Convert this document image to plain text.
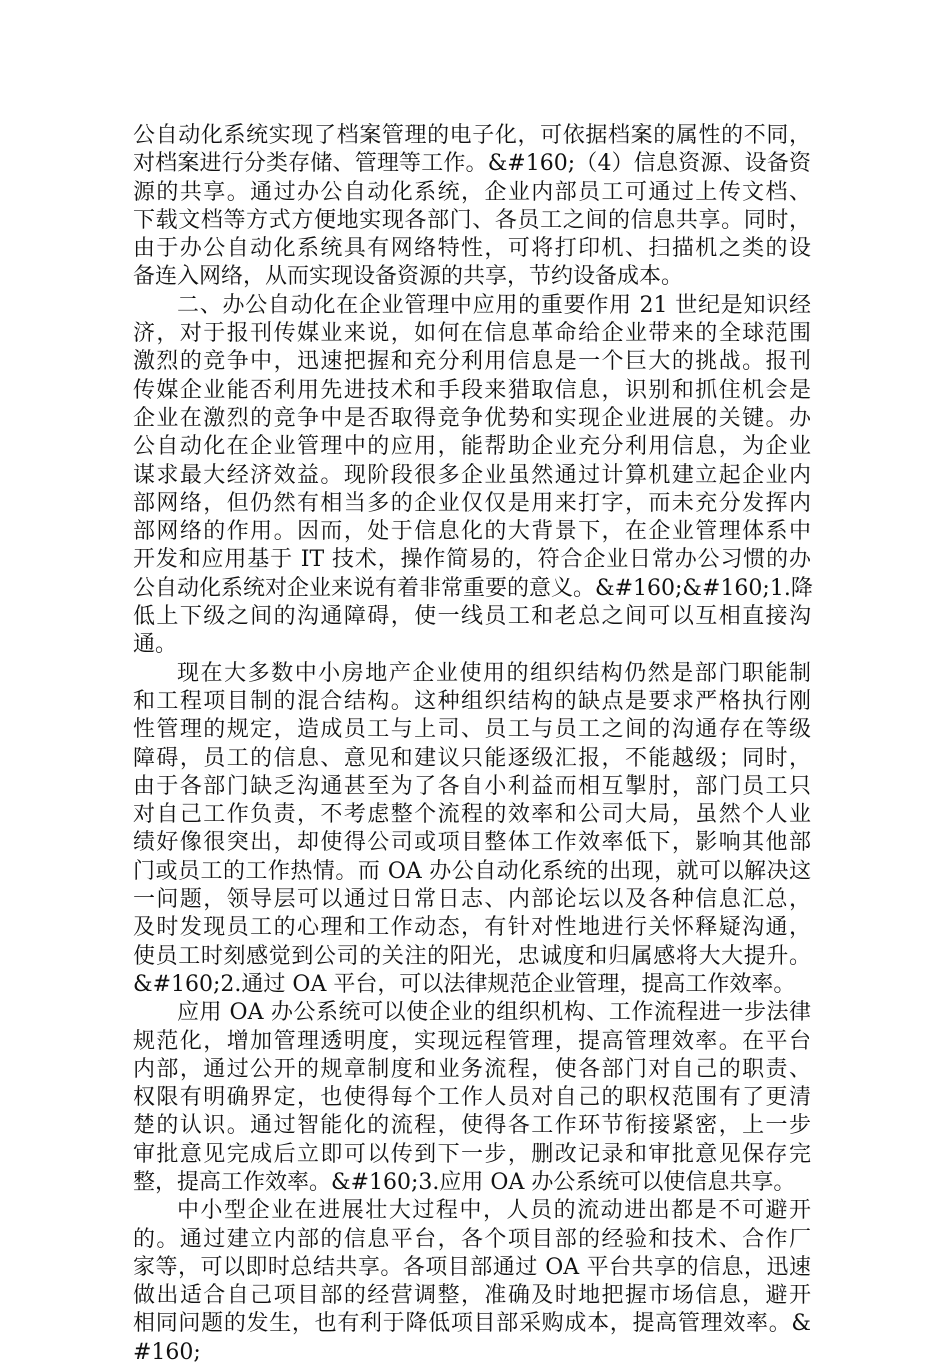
公自动化系统实现了档案管理的电子化，可依据档案的属性的不同，
对档案进行分类存储、管理等工作。&#160;（4）信息资源、设备资
源的共享。通过办公自动化系统，企业内部员工可通过上传文档、
下载文档等方式方便地实现各部门、各员工之间的信息共享。同时，
由于办公自动化系统具有网络特性，可将打印机、扫描机之类的设
备连入网络，从而实现设备资源的共享，节约设备成本。
二、办公自动化在企业管理中应用的重要作用 21 世纪是知识经
济，对于报刊传媒业来说，如何在信息革命给企业带来的全球范围
激烈的竞争中，迅速把握和充分利用信息是一个巨大的挑战。报刊
传媒企业能否利用先进技术和手段来猎取信息，识别和抓住机会是
企业在激烈的竞争中是否取得竞争优势和实现企业进展的关键。办
公自动化在企业管理中的应用，能帮助企业充分利用信息，为企业
谋求最大经济效益。现阶段很多企业虽然通过计算机建立起企业内
部网络，但仍然有相当多的企业仅仅是用来打字，而未充分发挥内
部网络的作用。因而，处于信息化的大背景下，在企业管理体系中
开发和应用基于 IT 技术，操作简易的，符合企业日常办公习惯的办
公自动化系统对企业来说有着非常重要的意义。&#160;&#160;1.降
低上下级之间的沟通障碍，使一线员工和老总之间可以互相直接沟
通。
现在大多数中小房地产企业使用的组织结构仍然是部门职能制
和工程项目制的混合结构。这种组织结构的缺点是要求严格执行刚
性管理的规定，造成员工与上司、员工与员工之间的沟通存在等级
障碍，员工的信息、意见和建议只能逐级汇报，不能越级；同时，
由于各部门缺乏沟通甚至为了各自小利益而相互掣肘，部门员工只
对自己工作负责，不考虑整个流程的效率和公司大局，虽然个人业
绩好像很突出，却使得公司或项目整体工作效率低下，影响其他部
门或员工的工作热情。而 OA 办公自动化系统的出现，就可以解决这
一问题，领导层可以通过日常日志、内部论坛以及各种信息汇总，
及时发现员工的心理和工作动态，有针对性地进行关怀释疑沟通，
使员工时刻感觉到公司的关注的阳光，忠诚度和归属感将大大提升。
&#160;2.通过 OA 平台，可以法律规范企业管理，提高工作效率。
应用 OA 办公系统可以使企业的组织机构、工作流程进一步法律
规范化，增加管理透明度，实现远程管理，提高管理效率。在平台
内部，通过公开的规章制度和业务流程，使各部门对自己的职责、
权限有明确界定，也使得每个工作人员对自己的职权范围有了更清
楚的认识。通过智能化的流程，使得各工作环节衔接紧密，上一步
审批意见完成后立即可以传到下一步，删改记录和审批意见保存完
整，提高工作效率。&#160;3.应用 OA 办公系统可以使信息共享。
中小型企业在进展壮大过程中，人员的流动进出都是不可避开
的。通过建立内部的信息平台，各个项目部的经验和技术、合作厂
家等，可以即时总结共享。各项目部通过 OA 平台共享的信息，迅速
做出适合自己项目部的经营调整，准确及时地把握市场信息，避开
相同问题的发生，也有利于降低项目部采购成本，提高管理效率。&
#160;
